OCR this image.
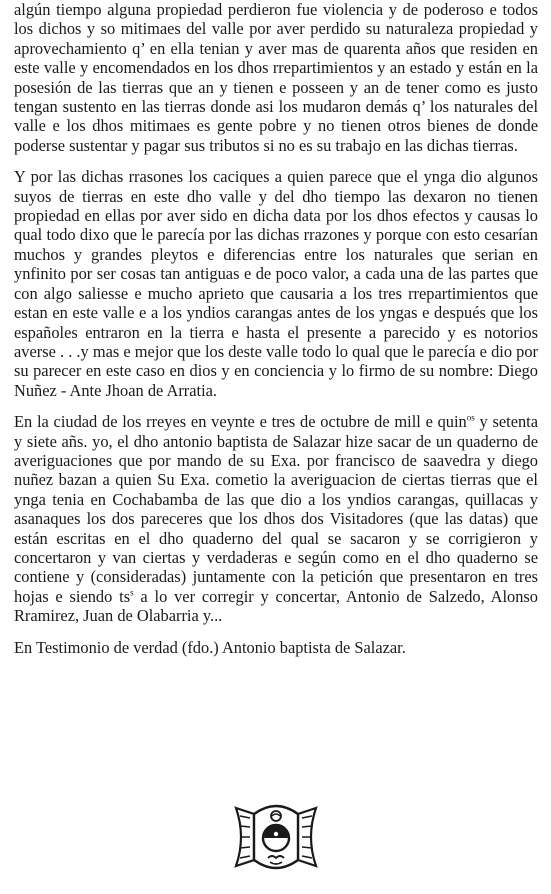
algún tiempo alguna propiedad perdieron fue violencia y de poderoso e todos los dichos y so mitimaes del valle por aver perdido su naturaleza propiedad y aprovechamiento q’ en ella tenian y aver mas de quarenta años que residen en este valle y encomendados en los dhos rrepartimientos y an estado y están en la posesión de las tierras que an y tienen e posseen y an de tener como es justo tengan sustento en las tierras donde asi los mudaron demás q’ los naturales del valle e los dhos mitimaes es gente pobre y no tienen otros bienes de donde poderse sustentar y pagar sus tributos si no es su trabajo en las dichas tierras.

Y por las dichas rrasones los caciques a quien parece que el ynga dio algunos suyos de tierras en este dho valle y del dho tiempo las dexaron no tienen propiedad en ellas por aver sido en dicha data por los dhos efectos y causas lo qual todo dixo que le parecía por las dichas rrazones y porque con esto cesarían muchos y grandes pleytos e diferencias entre los naturales que serian en ynfinito por ser cosas tan antiguas e de poco valor, a cada una de las partes que con algo saliesse e mucho aprieto que causaria a los tres rrepartimientos que estan en este valle e a los yndios carangas antes de los yngas e después que los españoles entraron en la tierra e hasta el presente a parecido y es notorios averse . . .y mas e mejor que los deste valle todo lo qual que le parecía e dio por su parecer en este caso en dios y en conciencia y lo firmo de su nombre: Diego Nuñez - Ante Jhoan de Arratia.

En la ciudad de los rreyes en veynte e tres de octubre de mill e quin$^{os}$ y setenta y siete añs. yo, el dho antonio baptista de Salazar hize sacar de un quaderno de averiguaciones que por mando de su Exa. por francisco de saavedra y diego nuñez bazan a quien Su Exa. cometio la averiguacion de ciertas tierras que el ynga tenia en Cochabamba de las que dio a los yndios carangas, quillacas y asanaques los dos pareceres que los dhos dos Visitadores (que las datas) que están escritas en el dho quaderno del qual se sacaron y se corrigieron y concertaron y van ciertas y verdaderas e según como en el dho quaderno se contiene y (consideradas) juntamente con la petición que presentaron en tres hojas e siendo $ts^s$ a lo ver corregir y concertar, Antonio de Salzedo, Alonso Rramirez, Juan de Olabarria y...

En Testimonio de verdad (fdo.) Antonio baptista de Salazar.
